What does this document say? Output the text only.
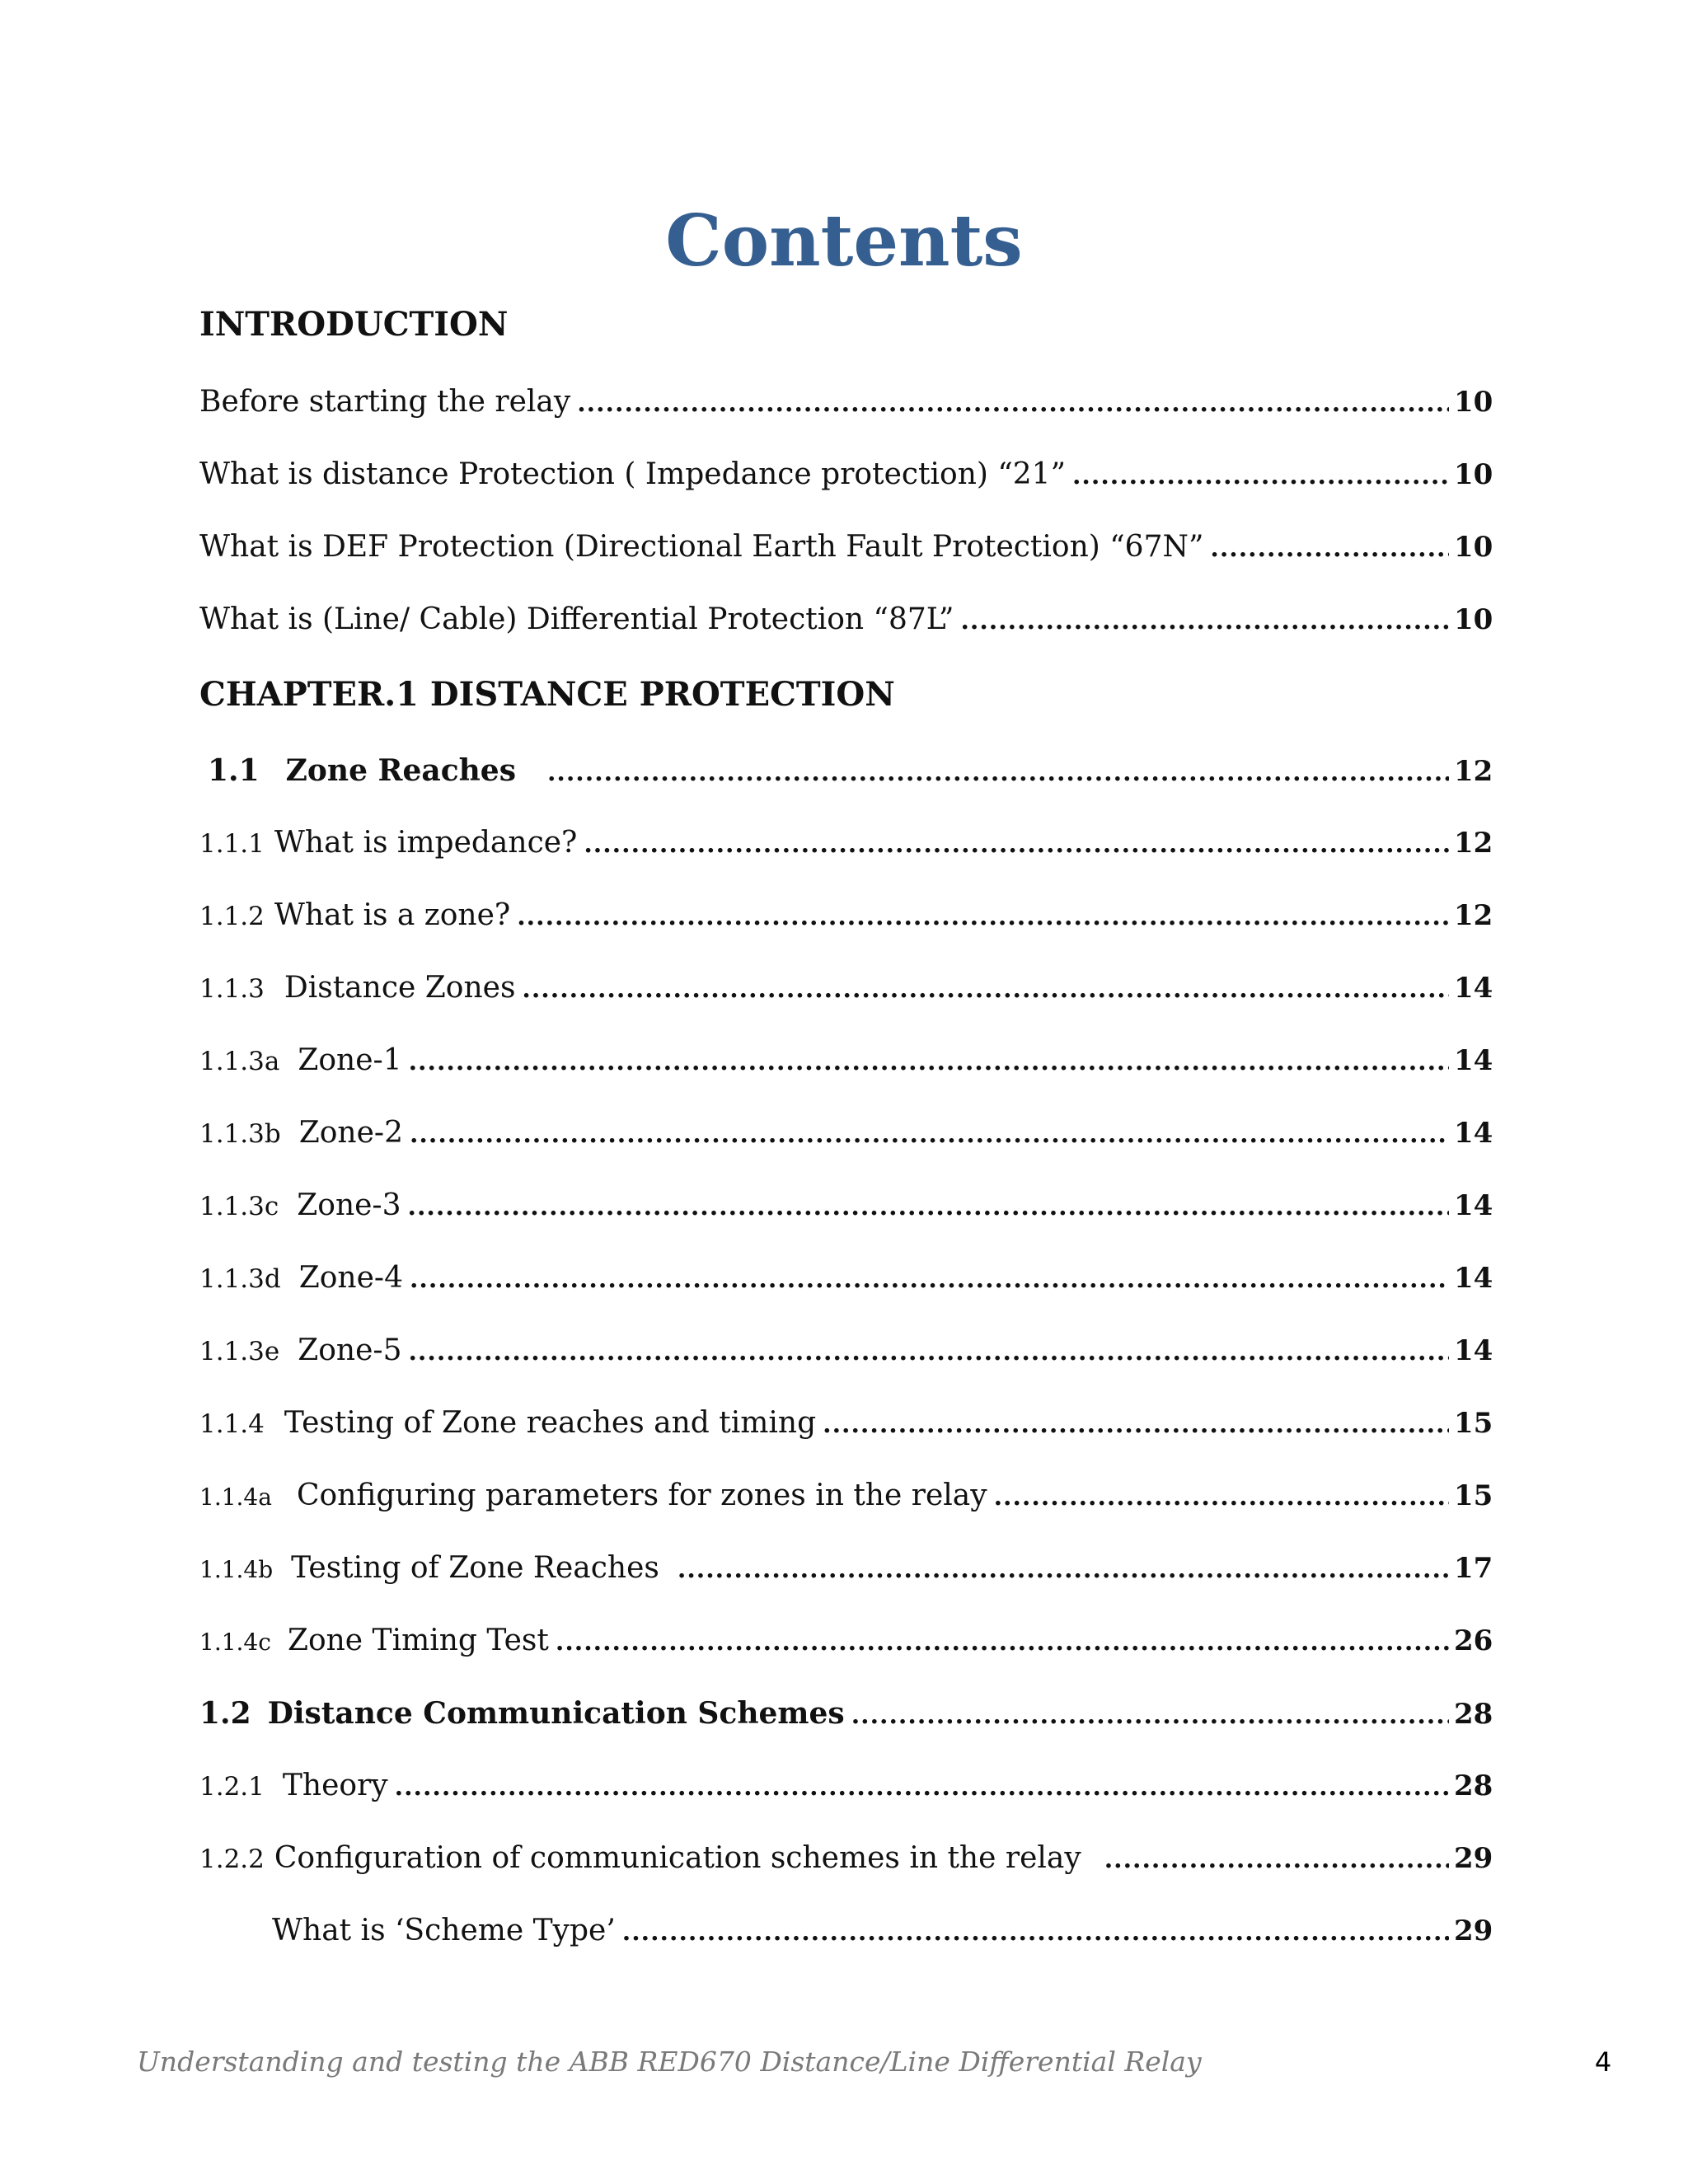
Contents
INTRODUCTION
Before starting the relay .....	10
What is distance Protection ( Impedance protection) “21” .....	10
What is DEF Protection (Directional Earth Fault Protection) “67N” .....	10
What is (Line/ Cable) Differential Protection “87L” .....	10
CHAPTER.1 DISTANCE PROTECTION
1.1 Zone Reaches .....	12
1.1.1 What is impedance? .....	12
1.1.2 What is a zone? .....	12
1.1.3 Distance Zones .....	14
1.1.3a Zone-1 .....	14
1.1.3b Zone-2 .....	14
1.1.3c Zone-3 .....	14
1.1.3d Zone-4 .....	14
1.1.3e Zone-5 .....	14
1.1.4 Testing of Zone reaches and timing .....	15
1.1.4a Configuring parameters for zones in the relay .....	15
1.1.4b Testing of Zone Reaches .....	17
1.1.4c Zone Timing Test .....	26
1.2 Distance Communication Schemes .....	28
1.2.1 Theory .....	28
1.2.2 Configuration of communication schemes in the relay .....	29
What is ‘Scheme Type’ .....	29
Understanding and testing the ABB RED670 Distance/Line Differential Relay	4
